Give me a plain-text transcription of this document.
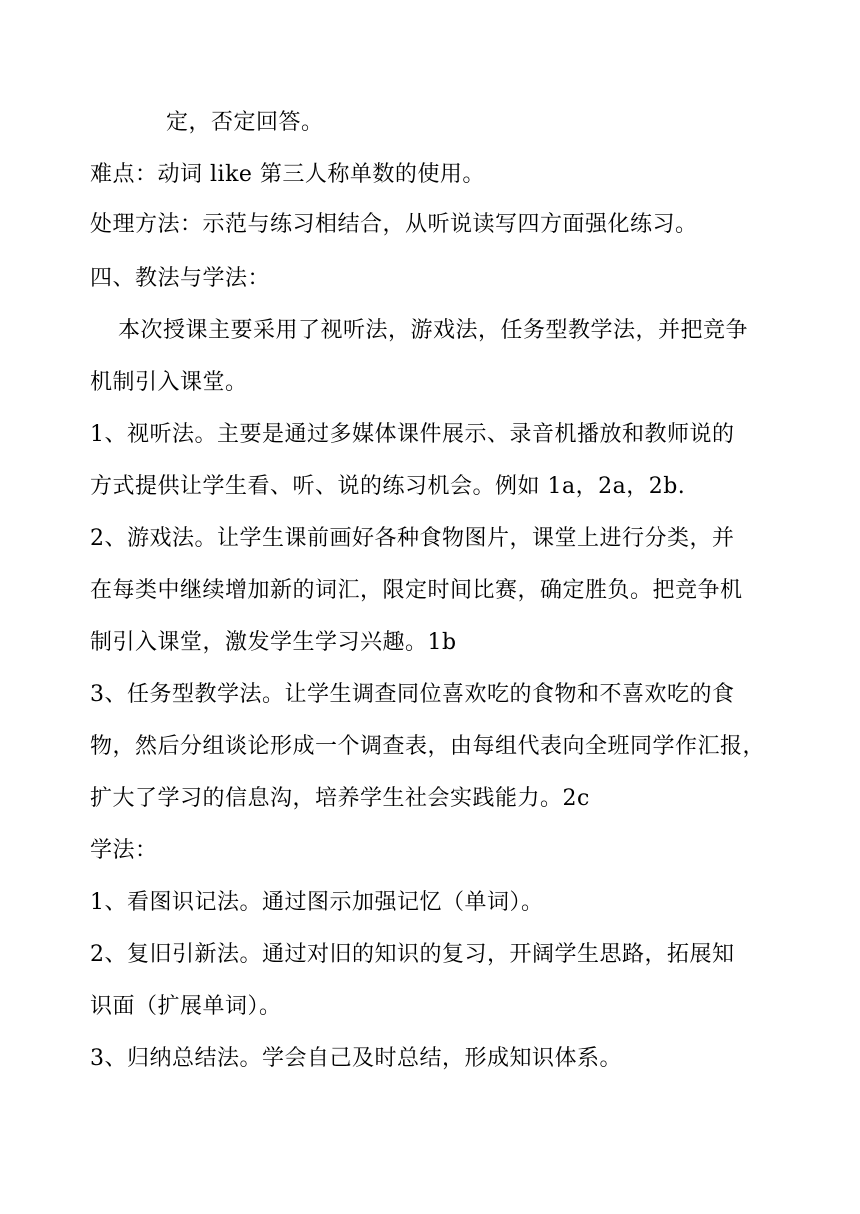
定，否定回答。
难点：动词 like 第三人称单数的使用。
处理方法：示范与练习相结合，从听说读写四方面强化练习。
四、教法与学法：
本次授课主要采用了视听法，游戏法，任务型教学法，并把竞争
机制引入课堂。
1、视听法。主要是通过多媒体课件展示、录音机播放和教师说的
方式提供让学生看、听、说的练习机会。例如 1a，2a，2b.
2、游戏法。让学生课前画好各种食物图片，课堂上进行分类，并
在每类中继续增加新的词汇，限定时间比赛，确定胜负。把竞争机
制引入课堂，激发学生学习兴趣。1b
3、任务型教学法。让学生调查同位喜欢吃的食物和不喜欢吃的食
物，然后分组谈论形成一个调查表，由每组代表向全班同学作汇报，
扩大了学习的信息沟，培养学生社会实践能力。2c
学法：
1、看图识记法。通过图示加强记忆（单词）。
2、复旧引新法。通过对旧的知识的复习，开阔学生思路，拓展知
识面（扩展单词）。
3、归纳总结法。学会自己及时总结，形成知识体系。
